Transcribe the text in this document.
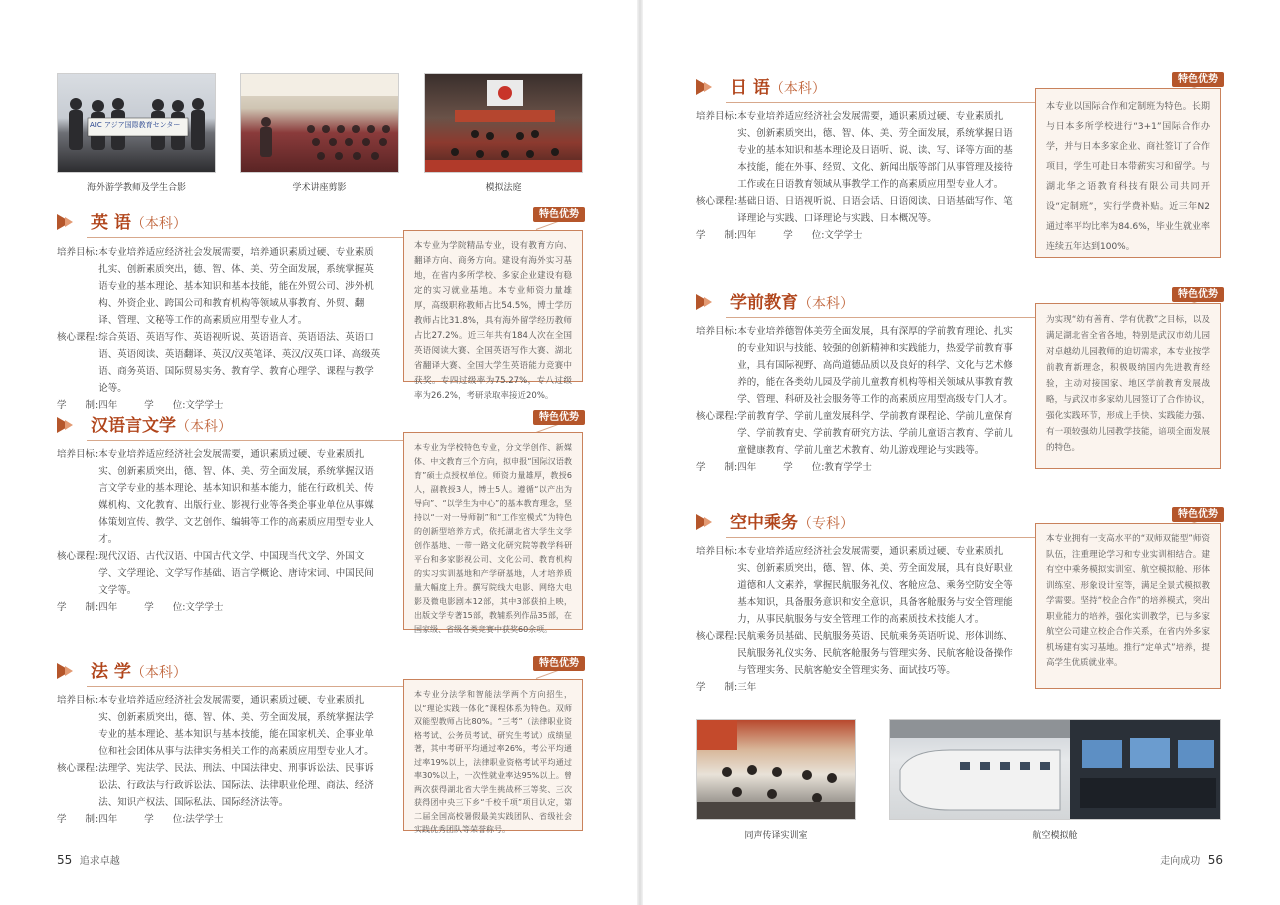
AIC アジア国際教育センター
海外游学教师及学生合影	学术讲座剪影	模拟法庭
英 语（本科）
特色优势
培养目标: 本专业培养适应经济社会发展需要，培养通识素质过硬、专业素质扎实、创新素质突出，德、智、体、美、劳全面发展，系统掌握英语专业的基本理论、基本知识和基本技能，能在外贸公司、涉外机构、外资企业、跨国公司和教育机构等领域从事教育、外贸、翻译、管理、文秘等工作的高素质应用型专业人才。
核心课程: 综合英语、英语写作、英语视听说、英语语音、英语语法、英语口语、英语阅读、英语翻译、英汉/汉英笔译、英汉/汉英口译、高级英语、商务英语、国际贸易实务、教育学、教育心理学、课程与教学论等。
学　　制: 四年	学　　位: 文学学士
本专业为学院精品专业，设有教育方向、翻译方向、商务方向。建设有海外实习基地，在省内多所学校、多家企业建设有稳定的实习就业基地。本专业师资力量雄厚，高级职称教师占比54.5%，博士学历教师占比31.8%，具有海外留学经历教师占比27.2%。近三年共有184人次在全国英语阅读大赛、全国英语写作大赛、湖北省翻译大赛、全国大学生英语能力竞赛中获奖。专四过级率为75.27%，专八过级率为26.2%，考研录取率接近20%。
汉语言文学（本科）
特色优势
培养目标: 本专业培养适应经济社会发展需要，通识素质过硬、专业素质扎实、创新素质突出，德、智、体、美、劳全面发展，系统掌握汉语言文学专业的基本理论、基本知识和基本能力，能在行政机关、传媒机构、文化教育、出版行业、影视行业等各类企事业单位从事媒体策划宣传、教学、文艺创作、编辑等工作的高素质应用型专业人才。
核心课程: 现代汉语、古代汉语、中国古代文学、中国现当代文学、外国文学、文学理论、文学写作基础、语言学概论、唐诗宋词、中国民间文学等。
学　　制: 四年	学　　位: 文学学士
本专业为学校特色专业，分文学创作、新媒体、中文教育三个方向，拟申报“国际汉语教育”硕士点授权单位。师资力量雄厚，教授6人，副教授3人，博士5人。遵循“以产出为导向”、“以学生为中心”的基本教育理念，坚持以“一对一导师制”和“工作室模式”为特色的创新型培养方式，依托湖北省大学生文学创作基地、一带一路文化研究院等教学科研平台和多家影视公司、文化公司、教育机构的实习实训基地和产学研基地，人才培养质量大幅度上升。撰写院线大电影、网络大电影及微电影剧本12部，其中3部获拍上映，出版文学专著15部，教辅系列作品35部，在国家级、省级各类竞赛中获奖60余项。
法 学（本科）
特色优势
培养目标: 本专业培养适应经济社会发展需要，通识素质过硬、专业素质扎实、创新素质突出，德、智、体、美、劳全面发展，系统掌握法学专业的基本理论、基本知识与基本技能，能在国家机关、企事业单位和社会团体从事与法律实务相关工作的高素质应用型专业人才。
核心课程: 法理学、宪法学、民法、刑法、中国法律史、刑事诉讼法、民事诉讼法、行政法与行政诉讼法、国际法、法律职业伦理、商法、经济法、知识产权法、国际私法、国际经济法等。
学　　制: 四年	学　　位: 法学学士
本专业分法学和智能法学两个方向招生，以“理论实践一体化”课程体系为特色。双师双能型教师占比80%。“三考”（法律职业资格考试、公务员考试、研究生考试）成绩显著，其中考研平均通过率26%，考公平均通过率19%以上，法律职业资格考试平均通过率30%以上，一次性就业率达95%以上。曾两次获得湖北省大学生挑战杯三等奖、三次获得团中央三下乡“千校千项”项目认定，第二届全国高校暑假最美实践团队、省级社会实践优秀团队等荣誉称号。
55 追求卓越
日 语（本科）
特色优势
培养目标: 本专业培养适应经济社会发展需要，通识素质过硬、专业素质扎实、创新素质突出，德、智、体、美、劳全面发展，系统掌握日语专业的基本知识和基本理论及日语听、说、读、写、译等方面的基本技能，能在外事、经贸、文化、新闻出版等部门从事管理及接待工作或在日语教育领域从事教学工作的高素质应用型专业人才。
核心课程: 基础日语、日语视听说、日语会话、日语阅读、日语基础写作、笔译理论与实践、口译理论与实践、日本概况等。
学　　制: 四年	学　　位: 文学学士
本专业以国际合作和定制班为特色。长期与日本多所学校进行“3+1”国际合作办学，并与日本多家企业、商社签订了合作项目，学生可赴日本带薪实习和留学。与湖北华之语教育科技有限公司共同开设“定制班”，实行学费补贴。近三年N2通过率平均比率为84.6%，毕业生就业率连续五年达到100%。
学前教育（本科）
特色优势
培养目标: 本专业培养德智体美劳全面发展，具有深厚的学前教育理论、扎实的专业知识与技能、较强的创新精神和实践能力，热爱学前教育事业，具有国际视野、高尚道德品质以及良好的科学、文化与艺术修养的，能在各类幼儿园及学前儿童教育机构等相关领域从事教育教学、管理、科研及社会服务等工作的高素质应用型高级专门人才。
核心课程: 学前教育学、学前儿童发展科学、学前教育课程论、学前儿童保育学、学前教育史、学前教育研究方法、学前儿童语言教育、学前儿童健康教育、学前儿童艺术教育、幼儿游戏理论与实践等。
学　　制: 四年	学　　位: 教育学学士
为实现“幼有善育、学有优教”之目标，以及满足湖北省全省各地，特别是武汉市幼儿园对卓越幼儿园教师的迫切需求，本专业按学前教育新理念，积极吸纳国内先进教育经验，主动对接国家、地区学前教育发展战略，与武汉市多家幼儿园签订了合作协议，强化实践环节，形成上手快、实践能力强、有一项较强幼儿园教学技能，谙项全面发展的特色。
空中乘务（专科）
特色优势
培养目标: 本专业培养适应经济社会发展需要，通识素质过硬、专业素质扎实、创新素质突出，德、智、体、美、劳全面发展，具有良好职业道德和人文素养，掌握民航服务礼仪、客舱应急、乘务空防安全等基本知识，具备服务意识和安全意识，具备客舱服务与安全管理能力，从事民航服务与安全管理工作的高素质技术技能人才。
核心课程: 民航乘务员基础、民航服务英语、民航乘务英语听说、形体训练、民航服务礼仪实务、民航客舱服务与管理实务、民航客舱设备操作与管理实务、民航客舱安全管理实务、面试技巧等。
学　　制: 三年
本专业拥有一支高水平的“双师双能型”师资队伍，注重理论学习和专业实训相结合。建有空中乘务模拟实训室、航空模拟舱、形体训练室、形象设计室等，满足全景式模拟教学需要。坚持“校企合作”的培养模式，突出职业能力的培养，强化实训教学，已与多家航空公司建立校企合作关系，在省内外多家机场建有实习基地。推行“定单式”培养，提高学生优质就业率。
同声传译实训室	航空模拟舱
走向成功 56
